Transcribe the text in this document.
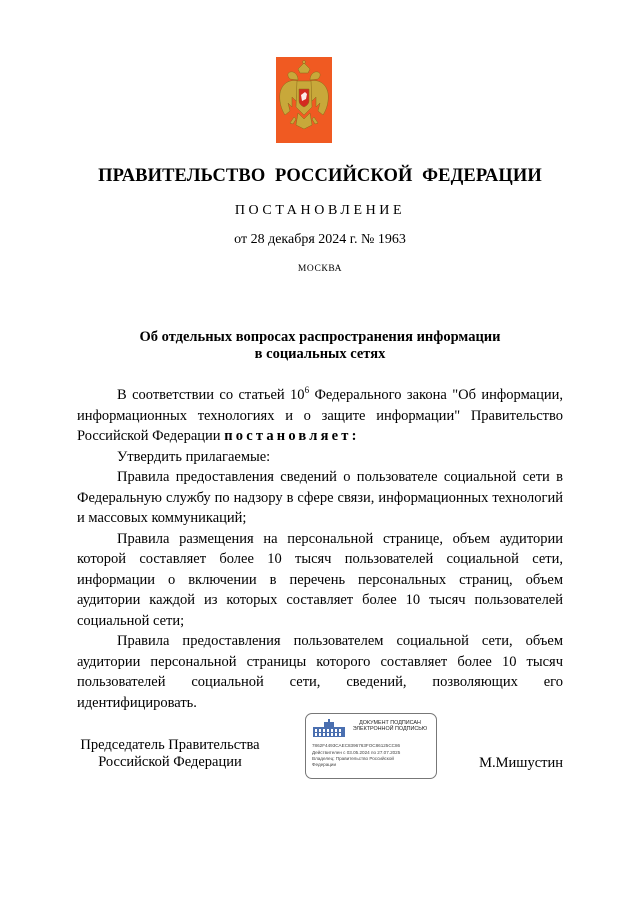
ПРАВИТЕЛЬСТВО РОССИЙСКОЙ ФЕДЕРАЦИИ
ПОСТАНОВЛЕНИЕ
от 28 декабря 2024 г. № 1963
МОСКВА
Об отдельных вопросах распространения информации
в социальных сетях

В соответствии со статьей $10^6$ Федерального закона "Об информации, информационных технологиях и о защите информации" Правительство Российской Федерации постановляет:

Утвердить прилагаемые:

Правила предоставления сведений о пользователе социальной сети в Федеральную службу по надзору в сфере связи, информационных технологий и массовых коммуникаций;

Правила размещения на персональной странице, объем аудитории которой составляет более 10 тысяч пользователей социальной сети, информации о включении в перечень персональных страниц, объем аудитории каждой из которых составляет более 10 тысяч пользователей социальной сети;

Правила предоставления пользователем социальной сети, объем аудитории персональной страницы которого составляет более 10 тысяч пользователей социальной сети, сведений, позволяющих его идентифицировать.

Председатель Правительства
Российской Федерации
ДОКУМЕНТ ПОДПИСАН
ЭЛЕКТРОННОЙ ПОДПИСЬЮ
7862F4493CAEC8396763FOC86125CC86
Действителен с 03.05.2024 по 27.07.2025
Владелец: Правительство Российской
Федерации	М.Мишустин
